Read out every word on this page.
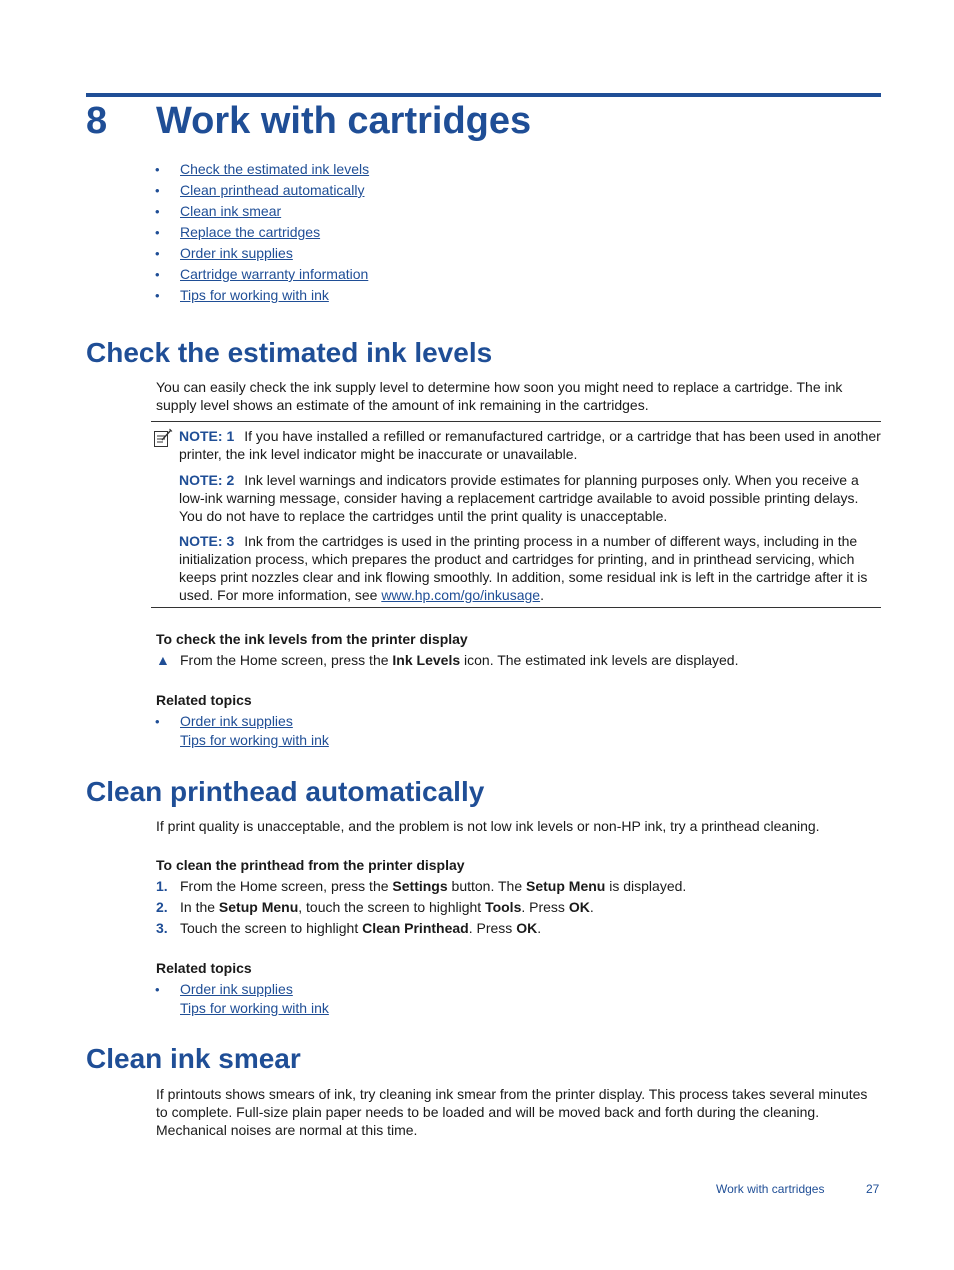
8 Work with cartridges
• Check the estimated ink levels
• Clean printhead automatically
• Clean ink smear
• Replace the cartridges
• Order ink supplies
• Cartridge warranty information
• Tips for working with ink
Check the estimated ink levels
You can easily check the ink supply level to determine how soon you might need to replace a cartridge. The ink supply level shows an estimate of the amount of ink remaining in the cartridges.
NOTE: 1 If you have installed a refilled or remanufactured cartridge, or a cartridge that has been used in another printer, the ink level indicator might be inaccurate or unavailable.
NOTE: 2 Ink level warnings and indicators provide estimates for planning purposes only. When you receive a low-ink warning message, consider having a replacement cartridge available to avoid possible printing delays. You do not have to replace the cartridges until the print quality is unacceptable.
NOTE: 3 Ink from the cartridges is used in the printing process in a number of different ways, including in the initialization process, which prepares the product and cartridges for printing, and in printhead servicing, which keeps print nozzles clear and ink flowing smoothly. In addition, some residual ink is left in the cartridge after it is used. For more information, see www.hp.com/go/inkusage.
To check the ink levels from the printer display
▲ From the Home screen, press the Ink Levels icon. The estimated ink levels are displayed.
Related topics
• Order ink supplies
Tips for working with ink
Clean printhead automatically
If print quality is unacceptable, and the problem is not low ink levels or non-HP ink, try a printhead cleaning.
To clean the printhead from the printer display
1. From the Home screen, press the Settings button. The Setup Menu is displayed.
2. In the Setup Menu, touch the screen to highlight Tools. Press OK.
3. Touch the screen to highlight Clean Printhead. Press OK.
Related topics
• Order ink supplies
Tips for working with ink
Clean ink smear
If printouts shows smears of ink, try cleaning ink smear from the printer display. This process takes several minutes to complete. Full-size plain paper needs to be loaded and will be moved back and forth during the cleaning. Mechanical noises are normal at this time.
Work with cartridges	27
